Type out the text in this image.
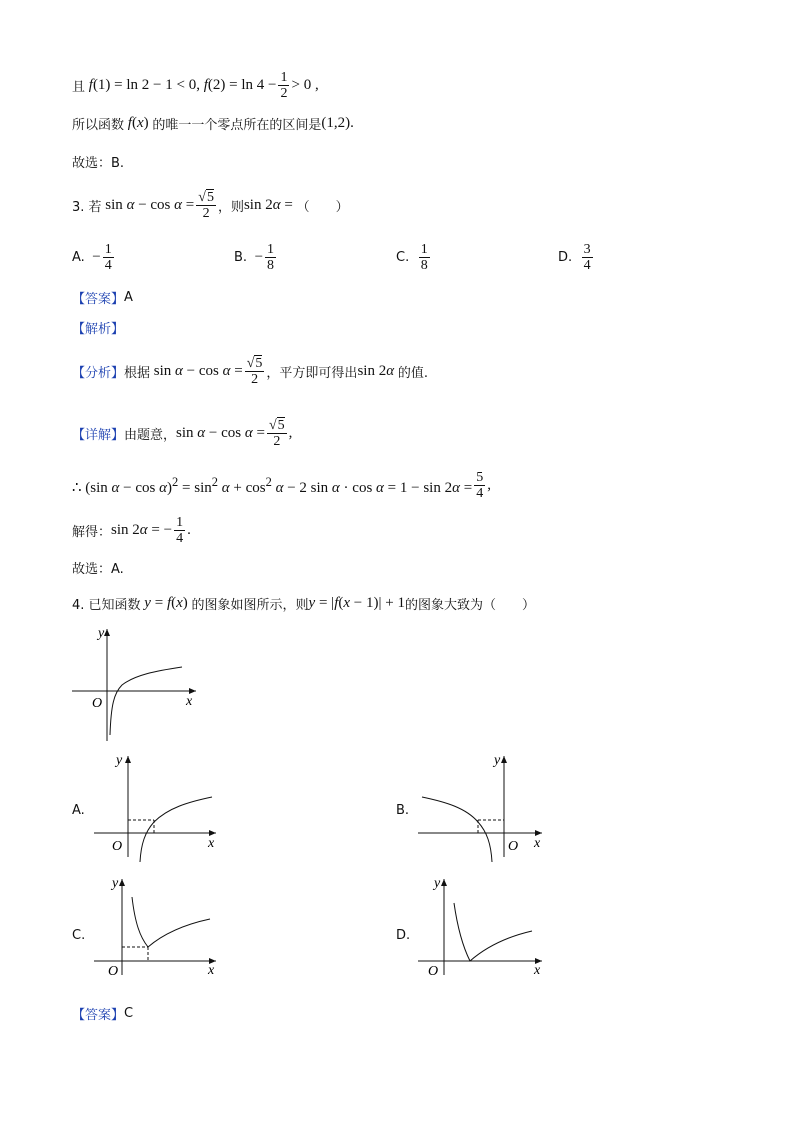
且 f(1) = ln 2 − 1 < 0, $f(2) = \ln 4 - \frac{1}{2} > 0$ ,
所以函数 f(x) 的唯一一个零点所在的区间是 (1,2).
故选：B.
3. 若 $\sin \alpha - \cos \alpha = \frac{√5}{2}$ ，则 sin 2α = （　　）
A. − $\frac{1}{4}$	B. − $\frac{1}{8}$	C.
$\frac{1}{8}$	D.
$\frac{3}{4}$
【答案】 A
【解析】
【分析】 根据 $\sin \alpha - \cos \alpha = \frac{√5}{2}$ ，平方即可得出 sin 2α 的值.
【详解】 由题意， $\sin \alpha - \cos \alpha = \frac{√5}{2}$ ,
∴ (sin $\alpha - \cos \alpha)^2 = \sin^2 \alpha + \cos^2 \alpha - 2$ $\sin \alpha \cdot \cos \alpha = 1 - \sin 2\alpha = \frac{5}{4}$ ,
解得： sin 2α = − $\frac{1}{4}$ .
故选：A.
4. 已知函数 y = f(x) 的图象如图所示，则 y = |f(x − 1)| + 1 的图象大致为（　　）
y
O	x
A.
y
O	x
B.
y
O x
C.
y
O	x
D.
y
O	x
【答案】 C
